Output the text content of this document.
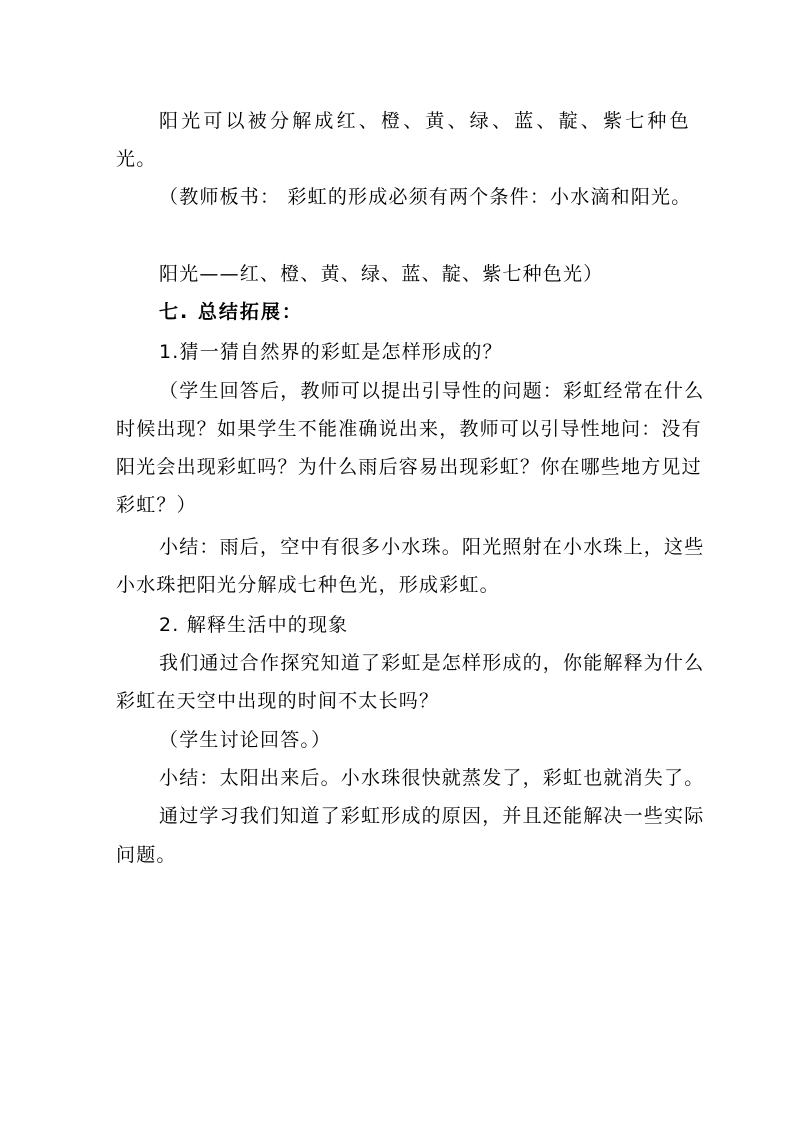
阳光可以被分解成红、橙、黄、绿、蓝、靛、紫七种色
光。
（教师板书： 彩虹的形成必须有两个条件：小水滴和阳光。
阳光——红、橙、黄、绿、蓝、靛、紫七种色光）
七. 总结拓展：
1.猜一猜自然界的彩虹是怎样形成的？
（学生回答后，教师可以提出引导性的问题：彩虹经常在什么
时候出现？如果学生不能准确说出来，教师可以引导性地问：没有
阳光会出现彩虹吗？为什么雨后容易出现彩虹？你在哪些地方见过
彩虹？）
小结：雨后，空中有很多小水珠。阳光照射在小水珠上，这些
小水珠把阳光分解成七种色光，形成彩虹。
2. 解释生活中的现象
我们通过合作探究知道了彩虹是怎样形成的，你能解释为什么
彩虹在天空中出现的时间不太长吗？
（学生讨论回答。）
小结：太阳出来后。小水珠很快就蒸发了，彩虹也就消失了。
通过学习我们知道了彩虹形成的原因，并且还能解决一些实际
问题。
